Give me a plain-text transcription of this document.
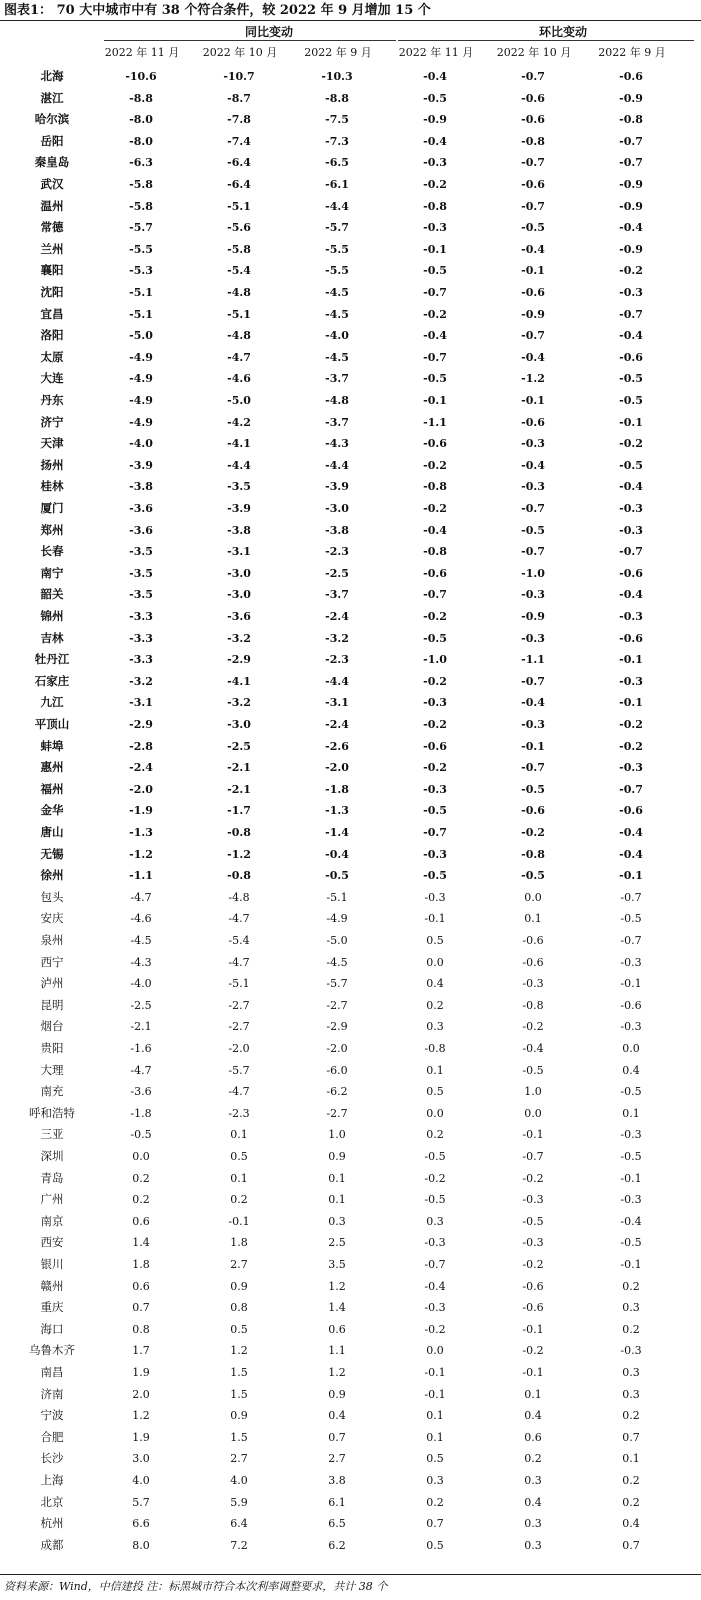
图表1： 70 大中城市中有 38 个符合条件，较 2022 年 9 月增加 15 个
同比变动	环比变动
2022 年 11 月	2022 年 10 月	2022 年 9 月	2022 年 11 月	2022 年 10 月	2022 年 9 月
北海	-10.6	-10.7	-10.3	-0.4	-0.7	-0.6
湛江	-8.8	-8.7	-8.8	-0.5	-0.6	-0.9
哈尔滨	-8.0	-7.8	-7.5	-0.9	-0.6	-0.8
岳阳	-8.0	-7.4	-7.3	-0.4	-0.8	-0.7
秦皇岛	-6.3	-6.4	-6.5	-0.3	-0.7	-0.7
武汉	-5.8	-6.4	-6.1	-0.2	-0.6	-0.9
温州	-5.8	-5.1	-4.4	-0.8	-0.7	-0.9
常德	-5.7	-5.6	-5.7	-0.3	-0.5	-0.4
兰州	-5.5	-5.8	-5.5	-0.1	-0.4	-0.9
襄阳	-5.3	-5.4	-5.5	-0.5	-0.1	-0.2
沈阳	-5.1	-4.8	-4.5	-0.7	-0.6	-0.3
宜昌	-5.1	-5.1	-4.5	-0.2	-0.9	-0.7
洛阳	-5.0	-4.8	-4.0	-0.4	-0.7	-0.4
太原	-4.9	-4.7	-4.5	-0.7	-0.4	-0.6
大连	-4.9	-4.6	-3.7	-0.5	-1.2	-0.5
丹东	-4.9	-5.0	-4.8	-0.1	-0.1	-0.5
济宁	-4.9	-4.2	-3.7	-1.1	-0.6	-0.1
天津	-4.0	-4.1	-4.3	-0.6	-0.3	-0.2
扬州	-3.9	-4.4	-4.4	-0.2	-0.4	-0.5
桂林	-3.8	-3.5	-3.9	-0.8	-0.3	-0.4
厦门	-3.6	-3.9	-3.0	-0.2	-0.7	-0.3
郑州	-3.6	-3.8	-3.8	-0.4	-0.5	-0.3
长春	-3.5	-3.1	-2.3	-0.8	-0.7	-0.7
南宁	-3.5	-3.0	-2.5	-0.6	-1.0	-0.6
韶关	-3.5	-3.0	-3.7	-0.7	-0.3	-0.4
锦州	-3.3	-3.6	-2.4	-0.2	-0.9	-0.3
吉林	-3.3	-3.2	-3.2	-0.5	-0.3	-0.6
牡丹江	-3.3	-2.9	-2.3	-1.0	-1.1	-0.1
石家庄	-3.2	-4.1	-4.4	-0.2	-0.7	-0.3
九江	-3.1	-3.2	-3.1	-0.3	-0.4	-0.1
平顶山	-2.9	-3.0	-2.4	-0.2	-0.3	-0.2
蚌埠	-2.8	-2.5	-2.6	-0.6	-0.1	-0.2
惠州	-2.4	-2.1	-2.0	-0.2	-0.7	-0.3
福州	-2.0	-2.1	-1.8	-0.3	-0.5	-0.7
金华	-1.9	-1.7	-1.3	-0.5	-0.6	-0.6
唐山	-1.3	-0.8	-1.4	-0.7	-0.2	-0.4
无锡	-1.2	-1.2	-0.4	-0.3	-0.8	-0.4
徐州	-1.1	-0.8	-0.5	-0.5	-0.5	-0.1
包头	-4.7	-4.8	-5.1	-0.3	0.0	-0.7
安庆	-4.6	-4.7	-4.9	-0.1	0.1	-0.5
泉州	-4.5	-5.4	-5.0	0.5	-0.6	-0.7
西宁	-4.3	-4.7	-4.5	0.0	-0.6	-0.3
泸州	-4.0	-5.1	-5.7	0.4	-0.3	-0.1
昆明	-2.5	-2.7	-2.7	0.2	-0.8	-0.6
烟台	-2.1	-2.7	-2.9	0.3	-0.2	-0.3
贵阳	-1.6	-2.0	-2.0	-0.8	-0.4	0.0
大理	-4.7	-5.7	-6.0	0.1	-0.5	0.4
南充	-3.6	-4.7	-6.2	0.5	1.0	-0.5
呼和浩特	-1.8	-2.3	-2.7	0.0	0.0	0.1
三亚	-0.5	0.1	1.0	0.2	-0.1	-0.3
深圳	0.0	0.5	0.9	-0.5	-0.7	-0.5
青岛	0.2	0.1	0.1	-0.2	-0.2	-0.1
广州	0.2	0.2	0.1	-0.5	-0.3	-0.3
南京	0.6	-0.1	0.3	0.3	-0.5	-0.4
西安	1.4	1.8	2.5	-0.3	-0.3	-0.5
银川	1.8	2.7	3.5	-0.7	-0.2	-0.1
赣州	0.6	0.9	1.2	-0.4	-0.6	0.2
重庆	0.7	0.8	1.4	-0.3	-0.6	0.3
海口	0.8	0.5	0.6	-0.2	-0.1	0.2
乌鲁木齐	1.7	1.2	1.1	0.0	-0.2	-0.3
南昌	1.9	1.5	1.2	-0.1	-0.1	0.3
济南	2.0	1.5	0.9	-0.1	0.1	0.3
宁波	1.2	0.9	0.4	0.1	0.4	0.2
合肥	1.9	1.5	0.7	0.1	0.6	0.7
长沙	3.0	2.7	2.7	0.5	0.2	0.1
上海	4.0	4.0	3.8	0.3	0.3	0.2
北京	5.7	5.9	6.1	0.2	0.4	0.2
杭州	6.6	6.4	6.5	0.7	0.3	0.4
成都	8.0	7.2	6.2	0.5	0.3	0.7
资料来源：Wind，中信建投 注：标黑城市符合本次利率调整要求，共计 38 个
